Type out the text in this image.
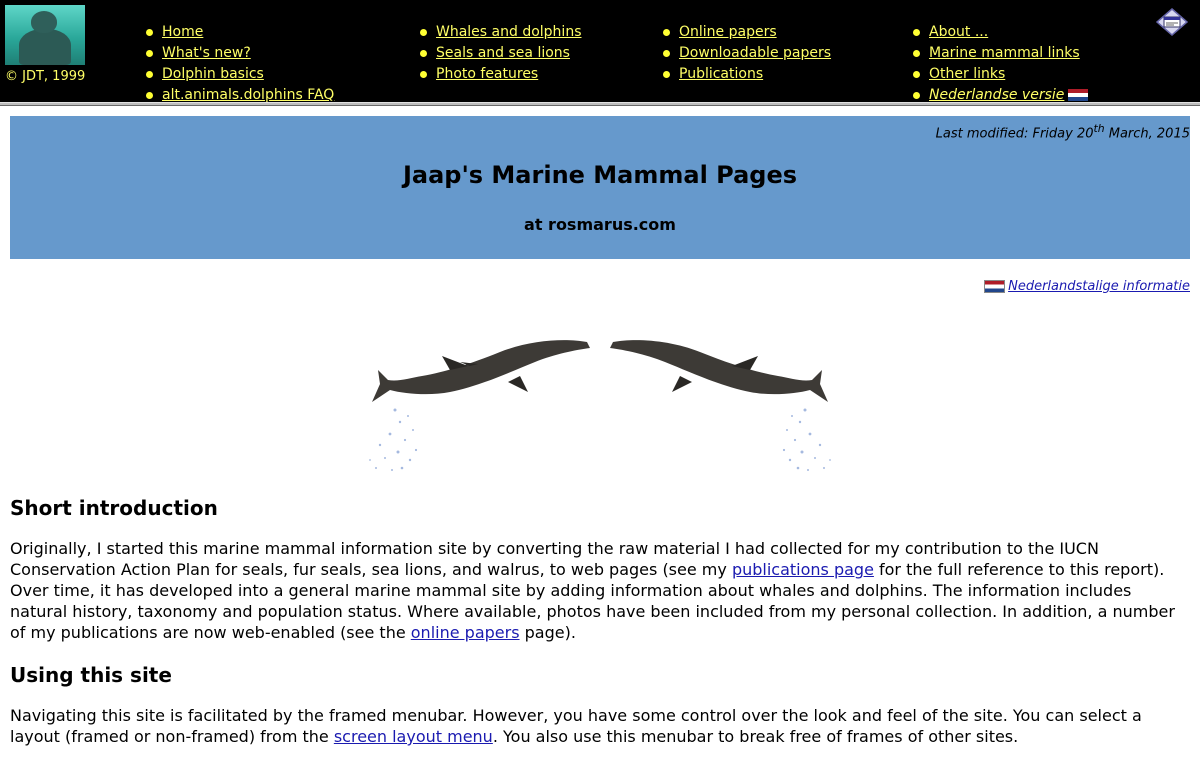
© JDT, 1999
Home
What's new?
Dolphin basics
alt.animals.dolphins FAQ
Whales and dolphins
Seals and sea lions
Photo features
Online papers
Downloadable papers
Publications
About ...
Marine mammal links
Other links
Nederlandse versie
Last modified: Friday 20th March, 2015
Jaap's Marine Mammal Pages
at rosmarus.com
Nederlandstalige informatie
Short introduction

Originally, I started this marine mammal information site by converting the raw material I had collected for my contribution to the IUCN Conservation Action Plan for seals, fur seals, sea lions, and walrus, to web pages (see my publications page for the full reference to this report). Over time, it has developed into a general marine mammal site by adding information about whales and dolphins. The information includes natural history, taxonomy and population status. Where available, photos have been included from my personal collection. In addition, a number of my publications are now web-enabled (see the online papers page).

Using this site

Navigating this site is facilitated by the framed menubar. However, you have some control over the look and feel of the site. You can select a layout (framed or non-framed) from the screen layout menu. You also use this menubar to break free of frames of other sites.
